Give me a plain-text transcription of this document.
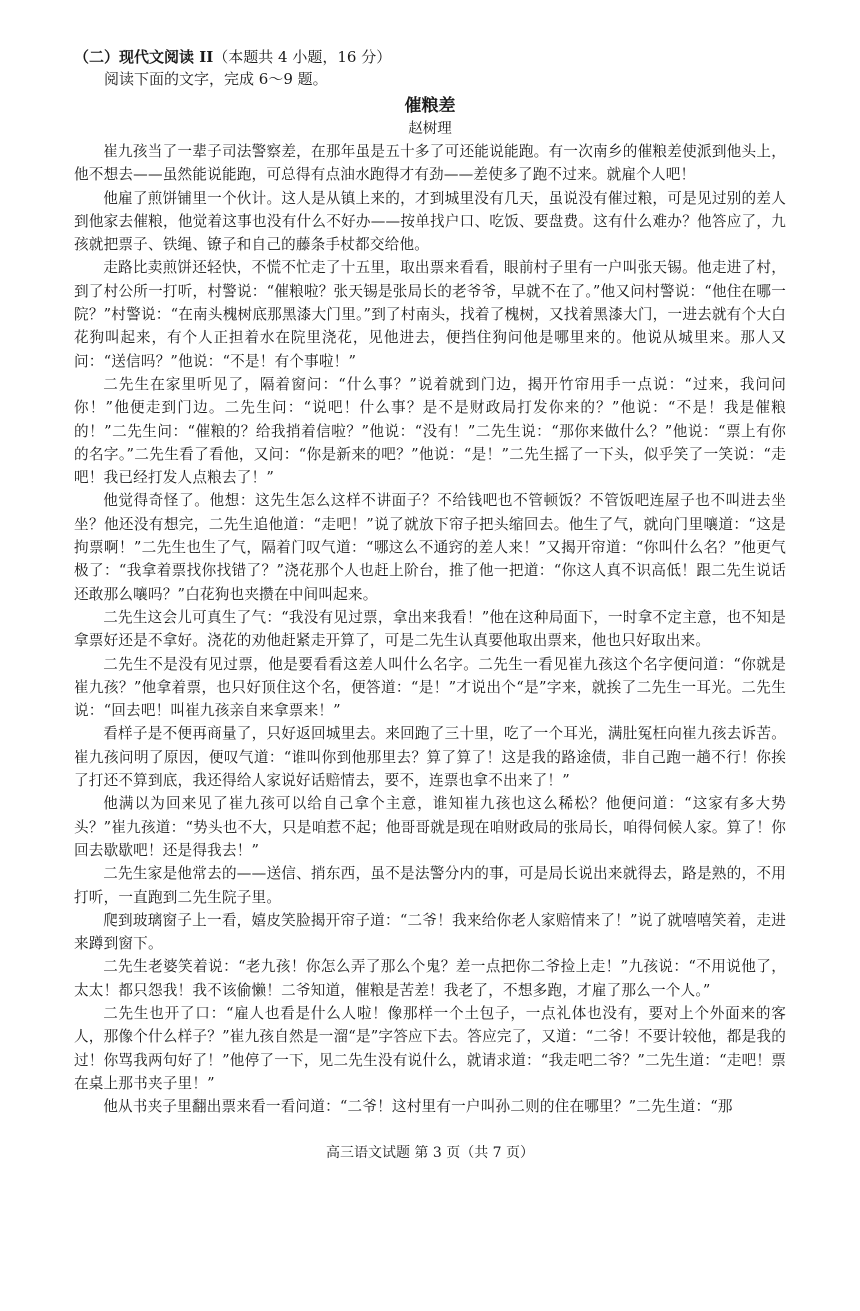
（二）现代文阅读 II（本题共 4 小题，16 分）

阅读下面的文字，完成 6～9 题。

催粮差
赵树理

崔九孩当了一辈子司法警察差，在那年虽是五十多了可还能说能跑。有一次南乡的催粮差使派到他头上，他不想去——虽然能说能跑，可总得有点油水跑得才有劲——差使多了跑不过来。就雇个人吧！

他雇了煎饼铺里一个伙计。这人是从镇上来的，才到城里没有几天，虽说没有催过粮，可是见过别的差人到他家去催粮，他觉着这事也没有什么不好办——按单找户口、吃饭、要盘费。这有什么难办？他答应了，九孩就把票子、铁绳、镣子和自己的藤条手杖都交给他。

走路比卖煎饼还轻快，不慌不忙走了十五里，取出票来看看，眼前村子里有一户叫张天锡。他走进了村，到了村公所一打听，村警说：“催粮啦？张天锡是张局长的老爷爷，早就不在了。”他又问村警说：“他住在哪一院？”村警说：“在南头槐树底那黑漆大门里。”到了村南头，找着了槐树，又找着黑漆大门，一进去就有个大白花狗叫起来，有个人正担着水在院里浇花，见他进去，便挡住狗问他是哪里来的。他说从城里来。那人又问：“送信吗？”他说：“不是！有个事啦！”

二先生在家里听见了，隔着窗问：“什么事？”说着就到门边，揭开竹帘用手一点说：“过来，我问问你！”他便走到门边。二先生问：“说吧！什么事？是不是财政局打发你来的？”他说：“不是！我是催粮的！”二先生问：“催粮的？给我捎着信啦？”他说：“没有！”二先生说：“那你来做什么？”他说：“票上有你的名字。”二先生看了看他，又问：“你是新来的吧？”他说：“是！”二先生摇了一下头，似乎笑了一笑说：“走吧！我已经打发人点粮去了！”

他觉得奇怪了。他想：这先生怎么这样不讲面子？不给钱吧也不管顿饭？不管饭吧连屋子也不叫进去坐坐？他还没有想完，二先生追他道：“走吧！”说了就放下帘子把头缩回去。他生了气，就向门里嚷道：“这是拘票啊！”二先生也生了气，隔着门叹气道：“哪这么不通窍的差人来！”又揭开帘道：“你叫什么名？”他更气极了：“我拿着票找你找错了？”浇花那个人也赶上阶台，推了他一把道：“你这人真不识高低！跟二先生说话还敢那么嚷吗？”白花狗也夹攒在中间叫起来。

二先生这会儿可真生了气：“我没有见过票，拿出来我看！”他在这种局面下，一时拿不定主意，也不知是拿票好还是不拿好。浇花的劝他赶紧走开算了，可是二先生认真要他取出票来，他也只好取出来。

二先生不是没有见过票，他是要看看这差人叫什么名字。二先生一看见崔九孩这个名字便问道：“你就是崔九孩？”他拿着票，也只好顶住这个名，便答道：“是！”才说出个“是”字来，就挨了二先生一耳光。二先生说：“回去吧！叫崔九孩亲自来拿票来！”

看样子是不便再商量了，只好返回城里去。来回跑了三十里，吃了一个耳光，满肚冤枉向崔九孩去诉苦。崔九孩问明了原因，便叹气道：“谁叫你到他那里去？算了算了！这是我的路途债，非自己跑一趟不行！你挨了打还不算到底，我还得给人家说好话赔情去，要不，连票也拿不出来了！”

他满以为回来见了崔九孩可以给自己拿个主意，谁知崔九孩也这么稀松？他便问道：“这家有多大势头？”崔九孩道：“势头也不大，只是咱惹不起；他哥哥就是现在咱财政局的张局长，咱得伺候人家。算了！你回去歇歇吧！还是得我去！”

二先生家是他常去的——送信、捎东西，虽不是法警分内的事，可是局长说出来就得去，路是熟的，不用打听，一直跑到二先生院子里。

爬到玻璃窗子上一看，嬉皮笑脸揭开帘子道：“二爷！我来给你老人家赔情来了！”说了就嘻嘻笑着，走进来蹲到窗下。

二先生老婆笑着说：“老九孩！你怎么弄了那么个鬼？差一点把你二爷捡上走！”九孩说：“不用说他了，太太！都只怨我！我不该偷懒！二爷知道，催粮是苦差！我老了，不想多跑，才雇了那么一个人。”

二先生也开了口：“雇人也看是什么人啦！像那样一个土包子，一点礼体也没有，要对上个外面来的客人，那像个什么样子？”崔九孩自然是一溜“是”字答应下去。答应完了，又道：“二爷！不要计较他，都是我的过！你骂我两句好了！”他停了一下，见二先生没有说什么，就请求道：“我走吧二爷？”二先生道：“走吧！票在桌上那书夹子里！”

他从书夹子里翻出票来看一看问道：“二爷！这村里有一户叫孙二则的住在哪里？”二先生道：“那

高三语文试题 第 3 页（共 7 页）
